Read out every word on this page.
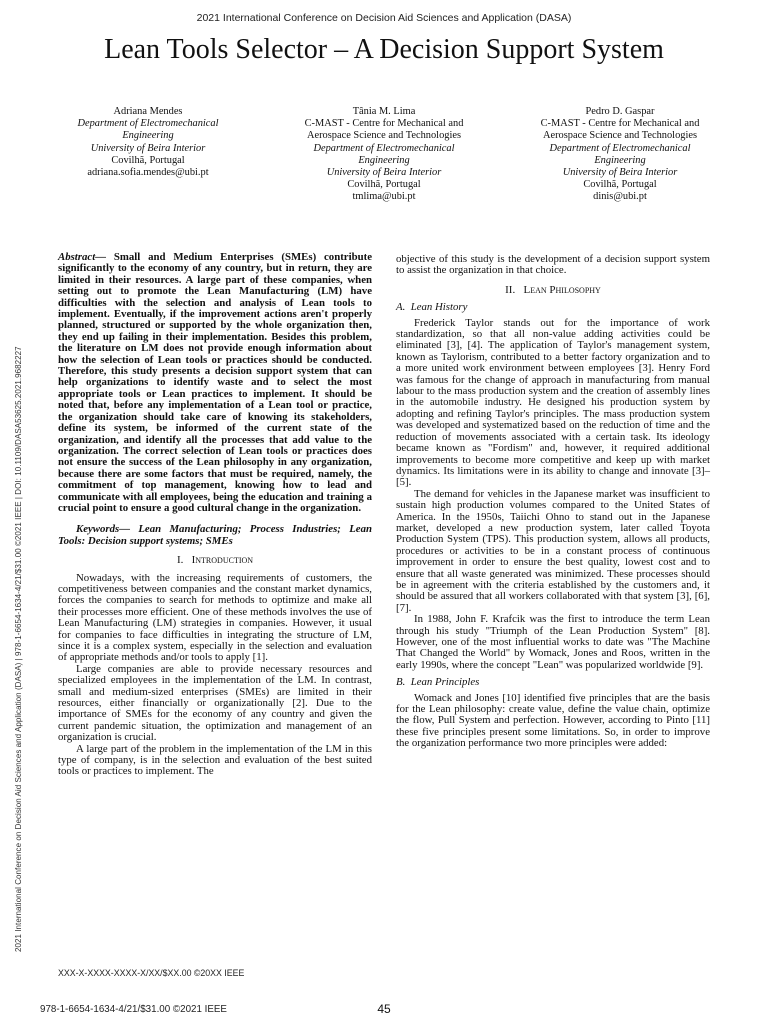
2021 International Conference on Decision Aid Sciences and Application (DASA)
Lean Tools Selector – A Decision Support System
Adriana Mendes
Department of Electromechanical
Engineering
University of Beira Interior
Covilhã, Portugal
adriana.sofia.mendes@ubi.pt
Tânia M. Lima
C-MAST - Centre for Mechanical and
Aerospace Science and Technologies
Department of Electromechanical
Engineering
University of Beira Interior
Covilhã, Portugal
tmlima@ubi.pt
Pedro D. Gaspar
C-MAST - Centre for Mechanical and
Aerospace Science and Technologies
Department of Electromechanical
Engineering
University of Beira Interior
Covilhã, Portugal
dinis@ubi.pt
2021 International Conference on Decision Aid Sciences and Application (DASA) | 978-1-6654-1634-4/21/$31.00 ©2021 IEEE | DOI: 10.1109/DASA53625.2021.9682227

Abstract— Small and Medium Enterprises (SMEs) contribute significantly to the economy of any country, but in return, they are limited in their resources. A large part of these companies, when setting out to promote the Lean Manufacturing (LM) have difficulties with the selection and analysis of Lean tools to implement. Eventually, if the improvement actions aren't properly planned, structured or supported by the whole organization then, they end up failing in their implementation. Besides this problem, the literature on LM does not provide enough information about how the selection of Lean tools or practices should be conducted. Therefore, this study presents a decision support system that can help organizations to identify waste and to select the most appropriate tools or Lean practices to implement. It should be noted that, before any implementation of a Lean tool or practice, the organization should take care of knowing its stakeholders, define its system, be informed of the current state of the organization, and identify all the processes that add value to the organization. The correct selection of Lean tools or practices does not ensure the success of the Lean philosophy in any organization, because there are some factors that must be required, namely, the commitment of top management, knowing how to lead and communicate with all employees, being the education and training a crucial point to ensure a good cultural change in the organization.

Keywords— Lean Manufacturing; Process Industries; Lean Tools: Decision support systems; SMEs

I. Introduction

Nowadays, with the increasing requirements of customers, the competitiveness between companies and the constant market dynamics, forces the companies to search for methods to optimize and make all their processes more efficient. One of these methods involves the use of Lean Manufacturing (LM) strategies in companies. However, it usual for companies to face difficulties in integrating the structure of LM, since it is a complex system, especially in the selection and evaluation of appropriate methods and/or tools to apply [1].

Large companies are able to provide necessary resources and specialized employees in the implementation of the LM. In contrast, small and medium-sized enterprises (SMEs) are limited in their resources, either financially or organizationally [2]. Due to the importance of SMEs for the economy of any country and given the current pandemic situation, the optimization and management of an organization is crucial.

A large part of the problem in the implementation of the LM in this type of company, is in the selection and evaluation of the best suited tools or practices to implement. The

objective of this study is the development of a decision support system to assist the organization in that choice.

II. Lean Philosophy

A. Lean History

Frederick Taylor stands out for the importance of work standardization, so that all non-value adding activities could be eliminated [3], [4]. The application of Taylor's management system, known as Taylorism, contributed to a better factory organization and to a more united work environment between employees [3]. Henry Ford was famous for the change of approach in manufacturing from manual labour to the mass production system and the creation of assembly lines in the automobile industry. He designed his production system by adopting and refining Taylor's principles. The mass production system was developed and systematized based on the reduction of time and the reduction of movements associated with a certain task. Its ideology became known as "Fordism" and, however, it required additional improvements to become more competitive and keep up with market dynamics. Its limitations were in its ability to change and innovate [3]–[5].

The demand for vehicles in the Japanese market was insufficient to sustain high production volumes compared to the United States of America. In the 1950s, Taiichi Ohno to stand out in the Japanese market, developed a new production system, later called Toyota Production System (TPS). This production system, allows all products, procedures or activities to be in a constant process of continuous improvement in order to ensure the best quality, lowest cost and to ensure that all waste generated was minimized. These processes should be in agreement with the criteria established by the customers and, it should be assured that all workers collaborated with that system [3], [6], [7].

In 1988, John F. Krafcik was the first to introduce the term Lean through his study "Triumph of the Lean Production System" [8]. However, one of the most influential works to date was "The Machine That Changed the World" by Womack, Jones and Roos, written in the early 1990s, where the concept "Lean" was popularized worldwide [9].

B. Lean Principles

Womack and Jones [10] identified five principles that are the basis for the Lean philosophy: create value, define the value chain, optimize the flow, Pull System and perfection. However, according to Pinto [11] these five principles present some limitations. So, in order to improve the organization performance two more principles were added:

XXX-X-XXXX-XXXX-X/XX/$XX.00 ©20XX IEEE
978-1-6654-1634-4/21/$31.00 ©2021 IEEE	45
